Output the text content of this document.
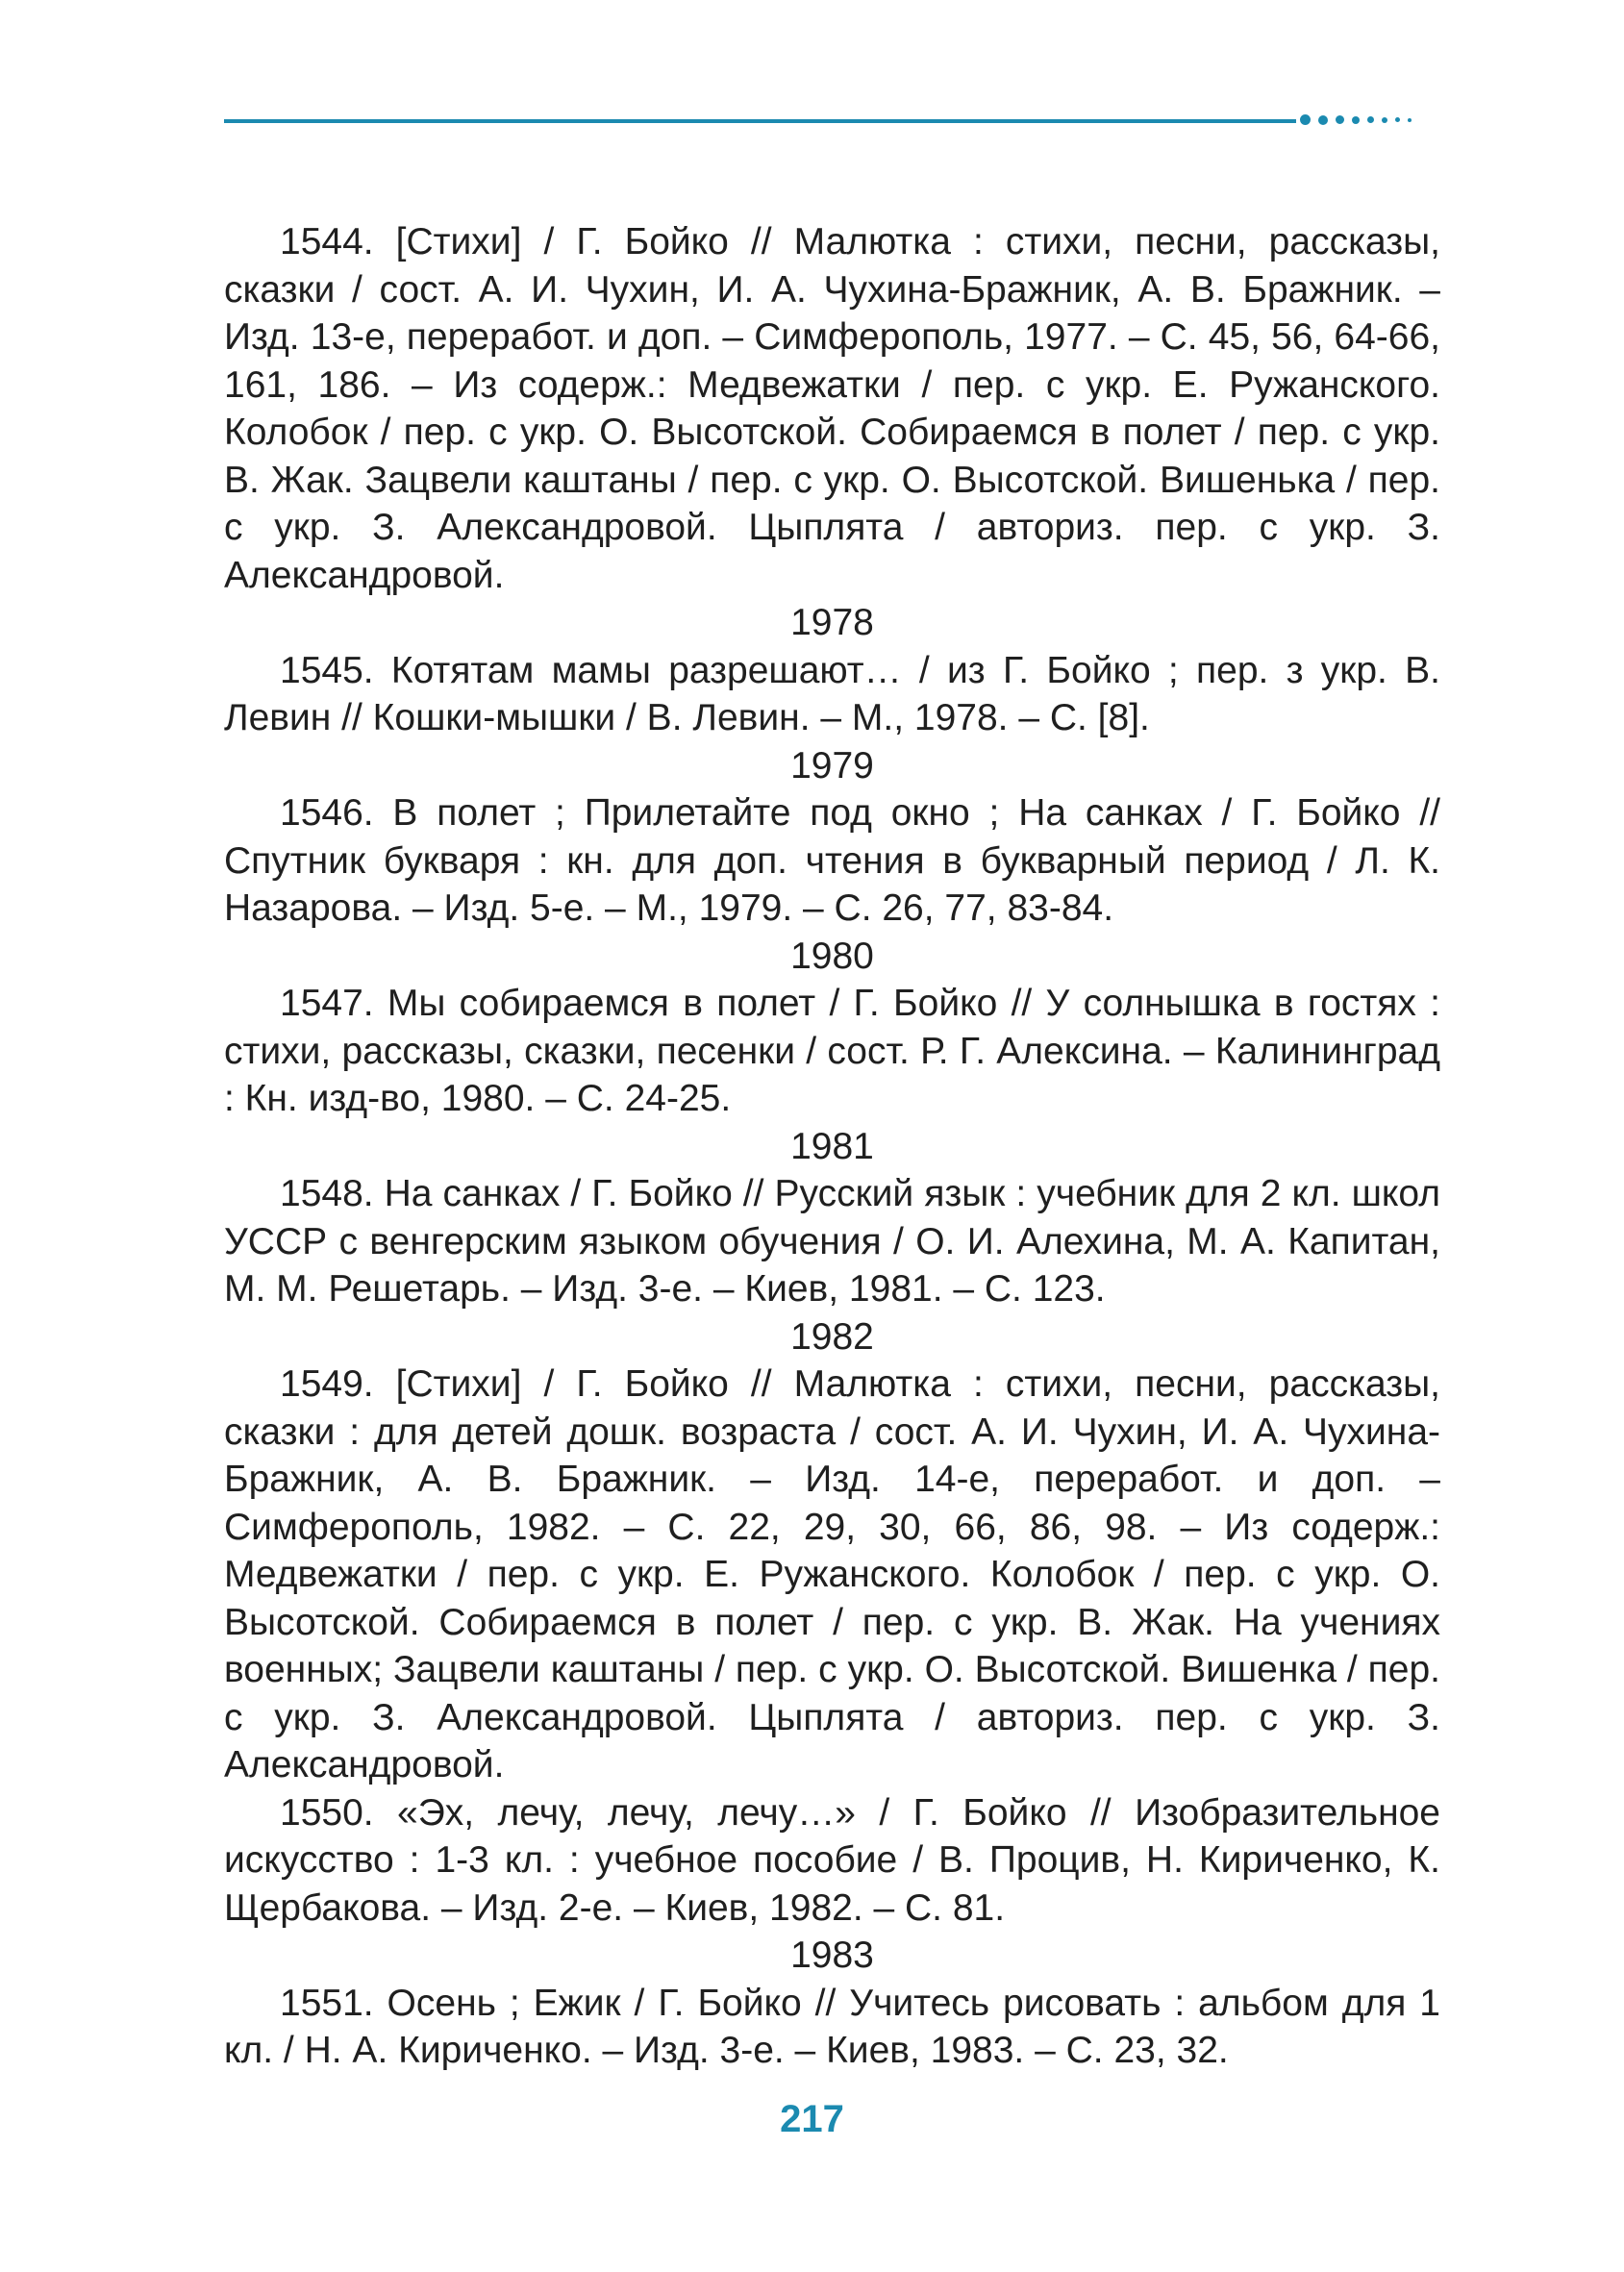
1544. [Стихи] / Г. Бойко // Малютка : стихи, песни, рассказы, сказки / сост. А. И. Чухин, И. А. Чухина-Бражник, А. В. Бражник. – Изд. 13-е, переработ. и доп. – Симферополь, 1977. – С. 45, 56, 64-66, 161, 186. – Из содерж.: Медвежатки / пер. с укр. Е. Ружанского. Колобок / пер. с укр. О. Высотской. Собираемся в полет / пер. с укр. В. Жак. Зацвели каштаны / пер. с укр. О. Высотской. Вишенька / пер. с укр. З. Александровой. Цыплята / авториз. пер. с укр. З. Александровой.

1978

1545. Котятам мамы разрешают… / из Г. Бойко ; пер. з укр. В. Левин // Кошки-мышки / В. Левин. – М., 1978. – С. [8].

1979

1546. В полет ; Прилетайте под окно ; На санках / Г. Бойко // Спутник букваря : кн. для доп. чтения в букварный период / Л. К. Назарова. – Изд. 5-е. – М., 1979. – С. 26, 77, 83-84.

1980

1547. Мы собираемся в полет / Г. Бойко // У солнышка в гостях : стихи, рассказы, сказки, песенки / сост. Р. Г. Алексина. – Калининград : Кн. изд-во, 1980. – С. 24-25.

1981

1548. На санках / Г. Бойко // Русский язык : учебник для 2 кл. школ УССР с венгерским языком обучения / О. И. Алехина, М. А. Капитан, М. М. Решетарь. – Изд. 3-е. – Киев, 1981. – С. 123.

1982

1549. [Стихи] / Г. Бойко // Малютка : стихи, песни, рассказы, сказки : для детей дошк. возраста / сост. А. И. Чухин, И. А. Чухина-Бражник, А. В. Бражник. – Изд. 14-е, переработ. и доп. – Симферополь, 1982. – С. 22, 29, 30, 66, 86, 98. – Из содерж.: Медвежатки / пер. с укр. Е. Ружанского. Колобок / пер. с укр. О. Высотской. Собираемся в полет / пер. с укр. В. Жак. На учениях военных; Зацвели каштаны / пер. с укр. О. Высотской. Вишенка / пер. с укр. З. Александровой. Цыплята / авториз. пер. с укр. З. Александровой.

1550. «Эх, лечу, лечу, лечу…» / Г. Бойко // Изобразительное искусство : 1-3 кл. : учебное пособие / В. Процив, Н. Кириченко, К. Щербакова. – Изд. 2-е. – Киев, 1982. – С. 81.

1983

1551. Осень ; Ежик / Г. Бойко // Учитесь рисовать : альбом для 1 кл. / Н. А. Кириченко. – Изд. 3-е. – Киев, 1983. – С. 23, 32.

217
